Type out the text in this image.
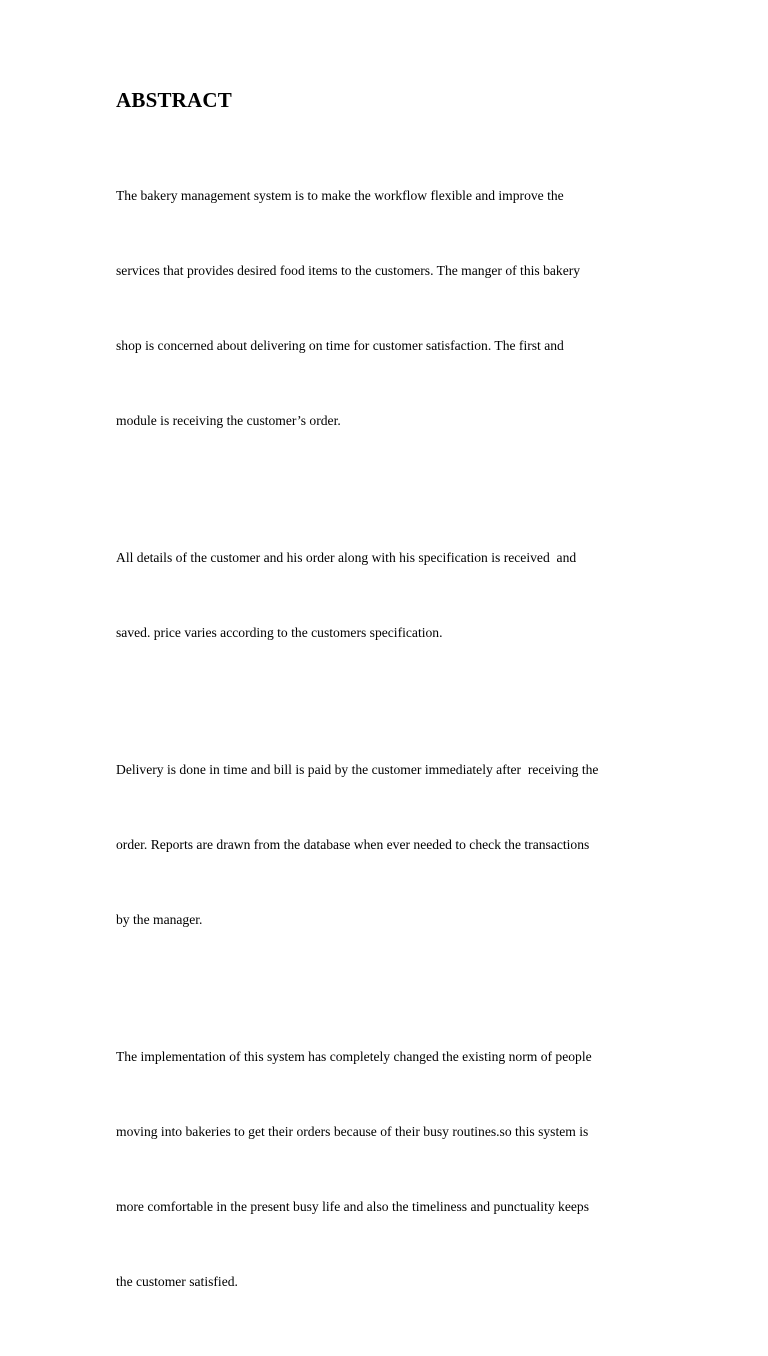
ABSTRACT

The bakery management system is to make the workflow flexible and improve the

services that provides desired food items to the customers. The manger of this bakery

shop is concerned about delivering on time for customer satisfaction. The first and

module is receiving the customer’s order.

All details of the customer and his order along with his specification is received  and

saved. price varies according to the customers specification.

Delivery is done in time and bill is paid by the customer immediately after  receiving the

order. Reports are drawn from the database when ever needed to check the transactions

by the manager.

The implementation of this system has completely changed the existing norm of people

moving into bakeries to get their orders because of their busy routines.so this system is

more comfortable in the present busy life and also the timeliness and punctuality keeps

the customer satisfied.
